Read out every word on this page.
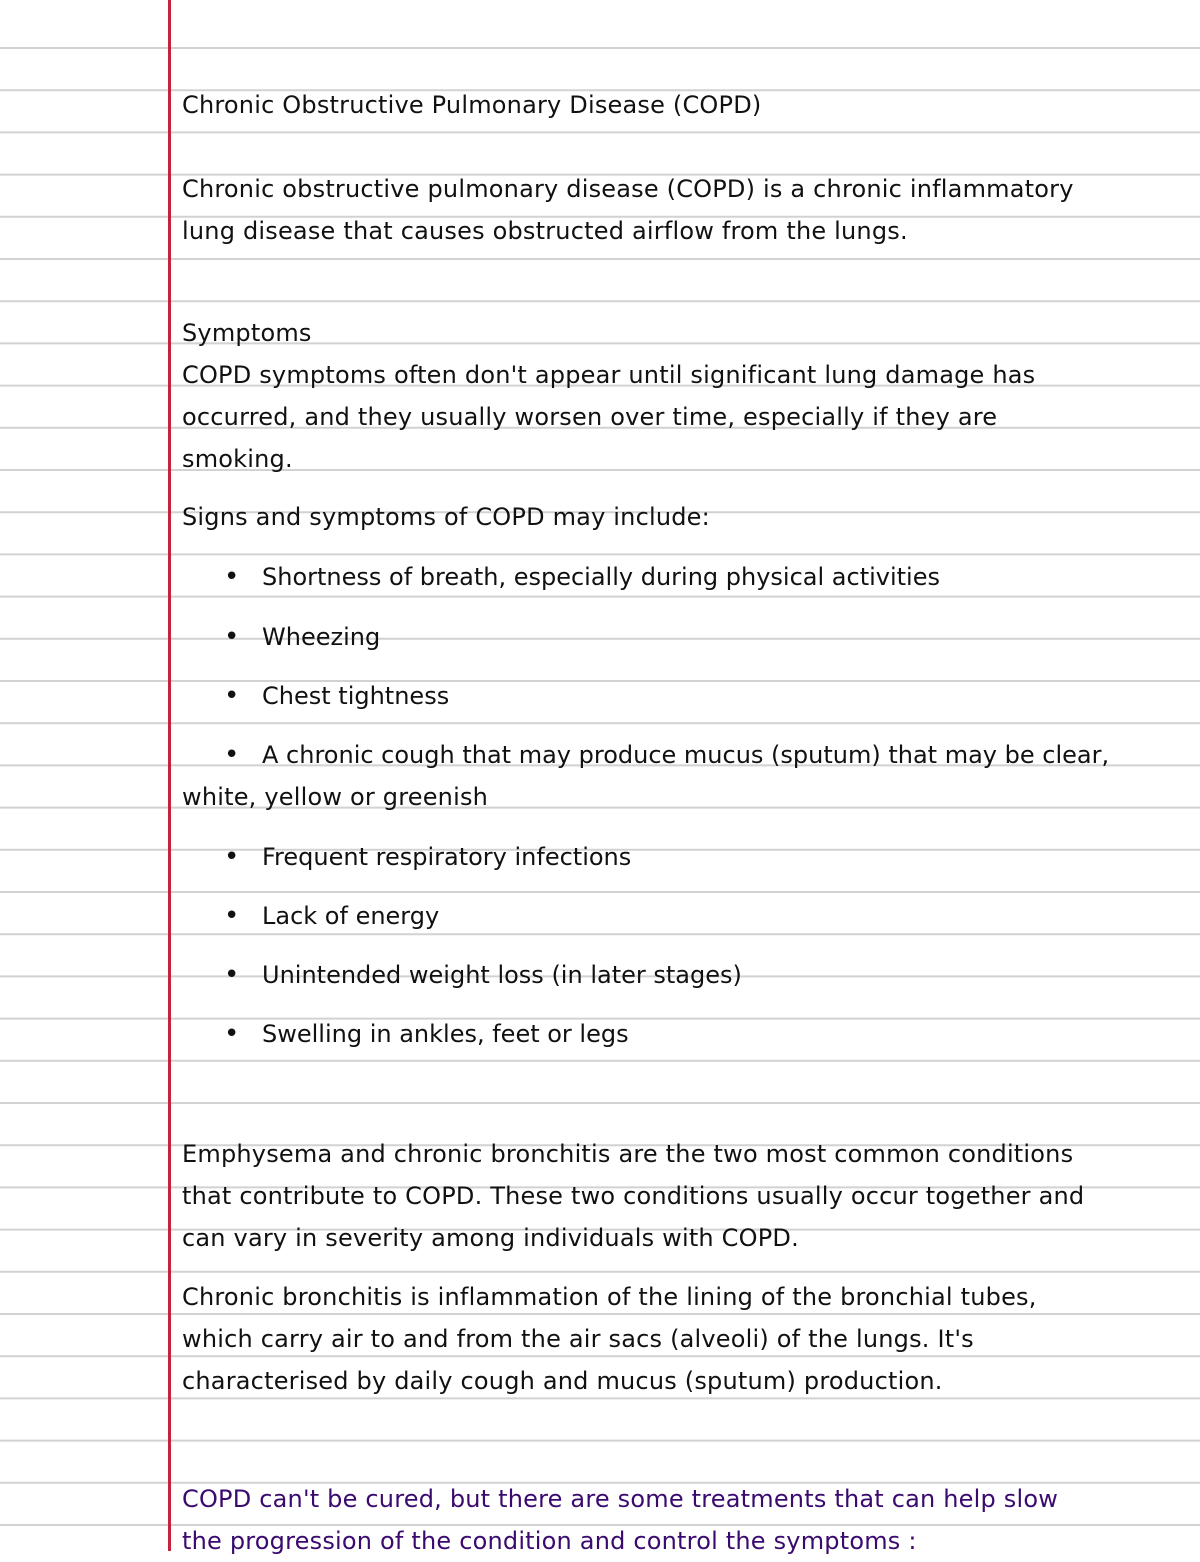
Chronic Obstructive Pulmonary Disease (COPD)
Chronic obstructive pulmonary disease (COPD) is a chronic inflammatory
lung disease that causes obstructed airflow from the lungs.
Symptoms
COPD symptoms often don't appear until significant lung damage has
occurred, and they usually worsen over time, especially if they are
smoking.
Signs and symptoms of COPD may include:
• Shortness of breath, especially during physical activities
• Wheezing
• Chest tightness
• A chronic cough that may produce mucus (sputum) that may be clear,
white, yellow or greenish
• Frequent respiratory infections
• Lack of energy
• Unintended weight loss (in later stages)
• Swelling in ankles, feet or legs
Emphysema and chronic bronchitis are the two most common conditions
that contribute to COPD. These two conditions usually occur together and
can vary in severity among individuals with COPD.
Chronic bronchitis is inflammation of the lining of the bronchial tubes,
which carry air to and from the air sacs (alveoli) of the lungs. It's
characterised by daily cough and mucus (sputum) production.
COPD can't be cured, but there are some treatments that can help slow
the progression of the condition and control the symptoms :
